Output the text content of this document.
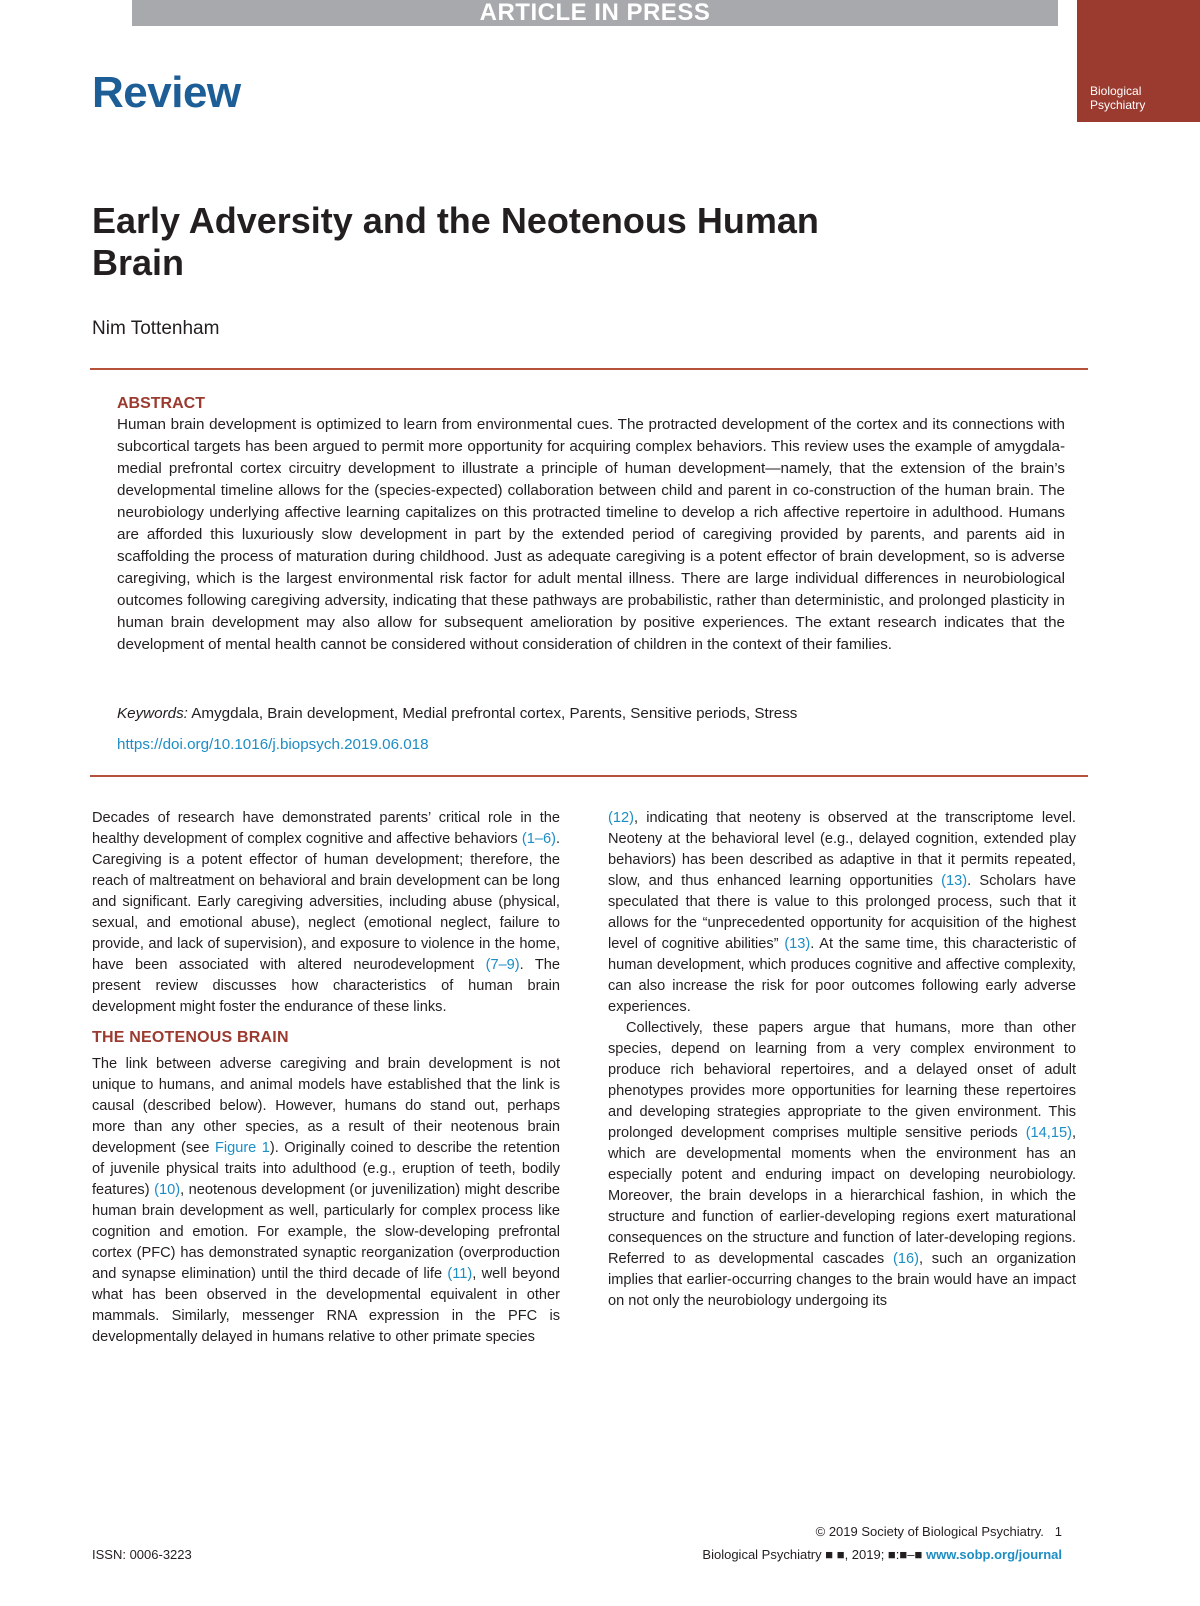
ARTICLE IN PRESS
Biological Psychiatry
Review
Early Adversity and the Neotenous Human Brain
Nim Tottenham
ABSTRACT

Human brain development is optimized to learn from environmental cues. The protracted development of the cortex and its connections with subcortical targets has been argued to permit more opportunity for acquiring complex behaviors. This review uses the example of amygdala-medial prefrontal cortex circuitry development to illustrate a principle of human development—namely, that the extension of the brain’s developmental timeline allows for the (species-expected) collaboration between child and parent in co-construction of the human brain. The neurobiology underlying affective learning capitalizes on this protracted timeline to develop a rich affective repertoire in adulthood. Humans are afforded this luxuriously slow development in part by the extended period of caregiving provided by parents, and parents aid in scaffolding the process of maturation during childhood. Just as adequate caregiving is a potent effector of brain development, so is adverse caregiving, which is the largest environmental risk factor for adult mental illness. There are large individual differences in neurobiological outcomes following caregiving adversity, indicating that these pathways are probabilistic, rather than deterministic, and prolonged plasticity in human brain development may also allow for subsequent amelioration by positive experiences. The extant research indicates that the development of mental health cannot be considered without consideration of children in the context of their families.

Keywords: Amygdala, Brain development, Medial prefrontal cortex, Parents, Sensitive periods, Stress

https://doi.org/10.1016/j.biopsych.2019.06.018

Decades of research have demonstrated parents’ critical role in the healthy development of complex cognitive and affective behaviors (1–6). Caregiving is a potent effector of human development; therefore, the reach of maltreatment on behavioral and brain development can be long and significant. Early caregiving adversities, including abuse (physical, sexual, and emotional abuse), neglect (emotional neglect, failure to provide, and lack of supervision), and exposure to violence in the home, have been associated with altered neurodevelopment (7–9). The present review discusses how characteristics of human brain development might foster the endurance of these links.

THE NEOTENOUS BRAIN

The link between adverse caregiving and brain development is not unique to humans, and animal models have established that the link is causal (described below). However, humans do stand out, perhaps more than any other species, as a result of their neotenous brain development (see Figure 1). Originally coined to describe the retention of juvenile physical traits into adulthood (e.g., eruption of teeth, bodily features) (10), neotenous development (or juvenilization) might describe human brain development as well, particularly for complex process like cognition and emotion. For example, the slow-developing prefrontal cortex (PFC) has demonstrated synaptic reorganization (overproduction and synapse elimination) until the third decade of life (11), well beyond what has been observed in the developmental equivalent in other mammals. Similarly, messenger RNA expression in the PFC is developmentally delayed in humans relative to other primate species

(12), indicating that neoteny is observed at the transcriptome level. Neoteny at the behavioral level (e.g., delayed cognition, extended play behaviors) has been described as adaptive in that it permits repeated, slow, and thus enhanced learning opportunities (13). Scholars have speculated that there is value to this prolonged process, such that it allows for the “unprecedented opportunity for acquisition of the highest level of cognitive abilities” (13). At the same time, this characteristic of human development, which produces cognitive and affective complexity, can also increase the risk for poor outcomes following early adverse experiences.

Collectively, these papers argue that humans, more than other species, depend on learning from a very complex environment to produce rich behavioral repertoires, and a delayed onset of adult phenotypes provides more opportunities for learning these repertoires and developing strategies appropriate to the given environment. This prolonged development comprises multiple sensitive periods (14,15), which are developmental moments when the environment has an especially potent and enduring impact on developing neurobiology. Moreover, the brain develops in a hierarchical fashion, in which the structure and function of earlier-developing regions exert maturational consequences on the structure and function of later-developing regions. Referred to as developmental cascades (16), such an organization implies that earlier-occurring changes to the brain would have an impact on not only the neurobiology undergoing its

© 2019 Society of Biological Psychiatry. 1
ISSN: 0006-3223	Biological Psychiatry ■ ■, 2019; ■:■–■ www.sobp.org/journal
